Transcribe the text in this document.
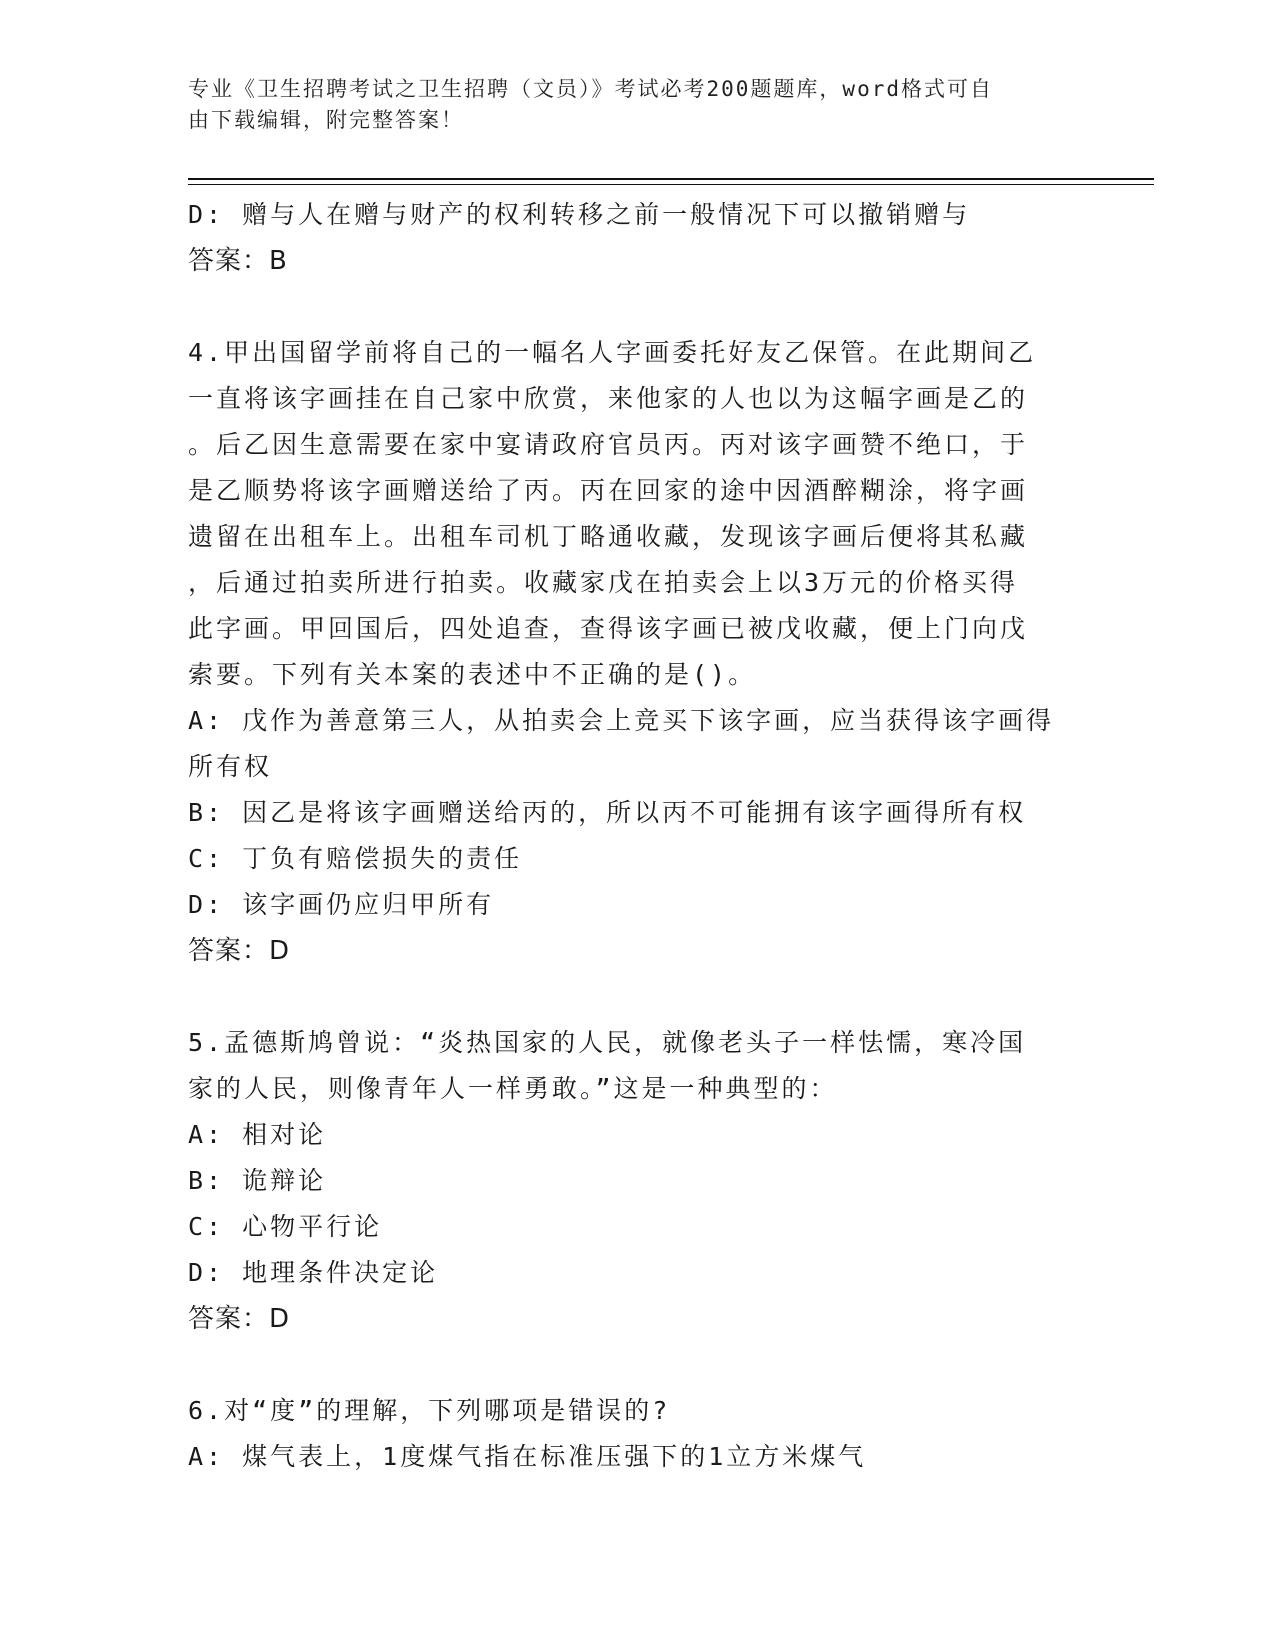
专业《卫生招聘考试之卫生招聘（文员）》考试必考200题题库，word格式可自
由下载编辑，附完整答案！
D: 赠与人在赠与财产的权利转移之前一般情况下可以撤销赠与
答案：B
4.甲出国留学前将自己的一幅名人字画委托好友乙保管。在此期间乙
一直将该字画挂在自己家中欣赏，来他家的人也以为这幅字画是乙的
。后乙因生意需要在家中宴请政府官员丙。丙对该字画赞不绝口，于
是乙顺势将该字画赠送给了丙。丙在回家的途中因酒醉糊涂，将字画
遗留在出租车上。出租车司机丁略通收藏，发现该字画后便将其私藏
，后通过拍卖所进行拍卖。收藏家戊在拍卖会上以3万元的价格买得
此字画。甲回国后，四处追查，查得该字画已被戊收藏，便上门向戊
索要。下列有关本案的表述中不正确的是()。
A: 戊作为善意第三人，从拍卖会上竞买下该字画，应当获得该字画得
所有权
B: 因乙是将该字画赠送给丙的，所以丙不可能拥有该字画得所有权
C: 丁负有赔偿损失的责任
D: 该字画仍应归甲所有
答案：D
5.孟德斯鸠曾说：“炎热国家的人民，就像老头子一样怯懦，寒冷国
家的人民，则像青年人一样勇敢。”这是一种典型的：
A: 相对论
B: 诡辩论
C: 心物平行论
D: 地理条件决定论
答案：D
6.对“度”的理解，下列哪项是错误的?
A: 煤气表上，1度煤气指在标准压强下的1立方米煤气
